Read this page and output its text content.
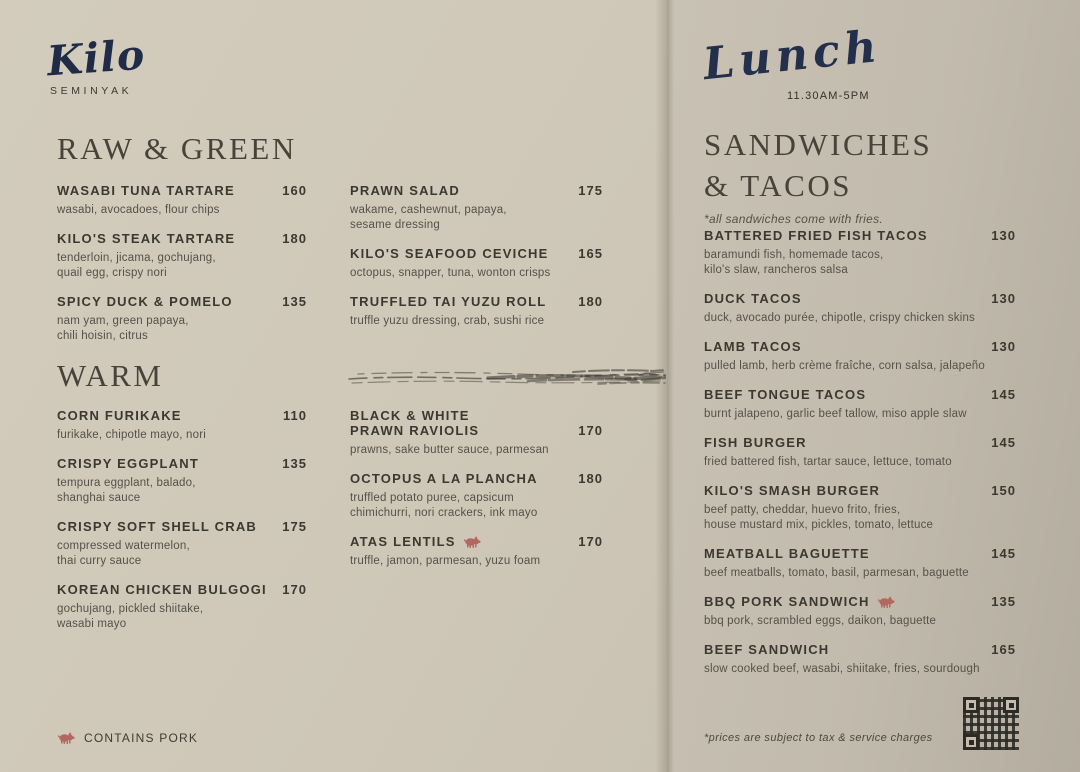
Kilo
SEMINYAK
RAW & GREEN
WASABI TUNA TARTARE	160
wasabi, avocadoes, flour chips
KILO'S STEAK TARTARE	180
tenderloin, jicama, gochujang,
quail egg, crispy nori
SPICY DUCK & POMELO	135
nam yam, green papaya,
chili hoisin, citrus
PRAWN SALAD	175
wakame, cashewnut, papaya,
sesame dressing
KILO'S SEAFOOD CEVICHE 165
octopus, snapper, tuna, wonton crisps
TRUFFLED TAI YUZU ROLL 180
truffle yuzu dressing, crab, sushi rice
WARM
CORN FURIKAKE	110
furikake, chipotle mayo, nori
CRISPY EGGPLANT	135
tempura eggplant, balado,
shanghai sauce
CRISPY SOFT SHELL CRAB 175
compressed watermelon,
thai curry sauce
KOREAN CHICKEN BULGOGI 170
gochujang, pickled shiitake,
wasabi mayo
BLACK & WHITE
PRAWN RAVIOLIS	170
prawns, sake butter sauce, parmesan
OCTOPUS A LA PLANCHA	180
truffled potato puree, capsicum
chimichurri, nori crackers, ink mayo
ATAS LENTILS	170
truffle, jamon, parmesan, yuzu foam
CONTAINS PORK
Lunch
11.30AM-5PM
SANDWICHES
& TACOS
*all sandwiches come with fries.
BATTERED FRIED FISH TACOS	130
baramundi fish, homemade tacos,
kilo's slaw, rancheros salsa
DUCK TACOS	130
duck, avocado purée, chipotle, crispy chicken skins
LAMB TACOS	130
pulled lamb, herb crème fraîche, corn salsa, jalapeño
BEEF TONGUE TACOS	145
burnt jalapeno, garlic beef tallow, miso apple slaw
FISH BURGER	145
fried battered fish, tartar sauce, lettuce, tomato
KILO'S SMASH BURGER	150
beef patty, cheddar, huevo frito, fries,
house mustard mix, pickles, tomato, lettuce
MEATBALL BAGUETTE	145
beef meatballs, tomato, basil, parmesan, baguette
BBQ PORK SANDWICH	135
bbq pork, scrambled eggs, daikon, baguette
BEEF SANDWICH	165
slow cooked beef, wasabi, shiitake, fries, sourdough
*prices are subject to tax & service charges
